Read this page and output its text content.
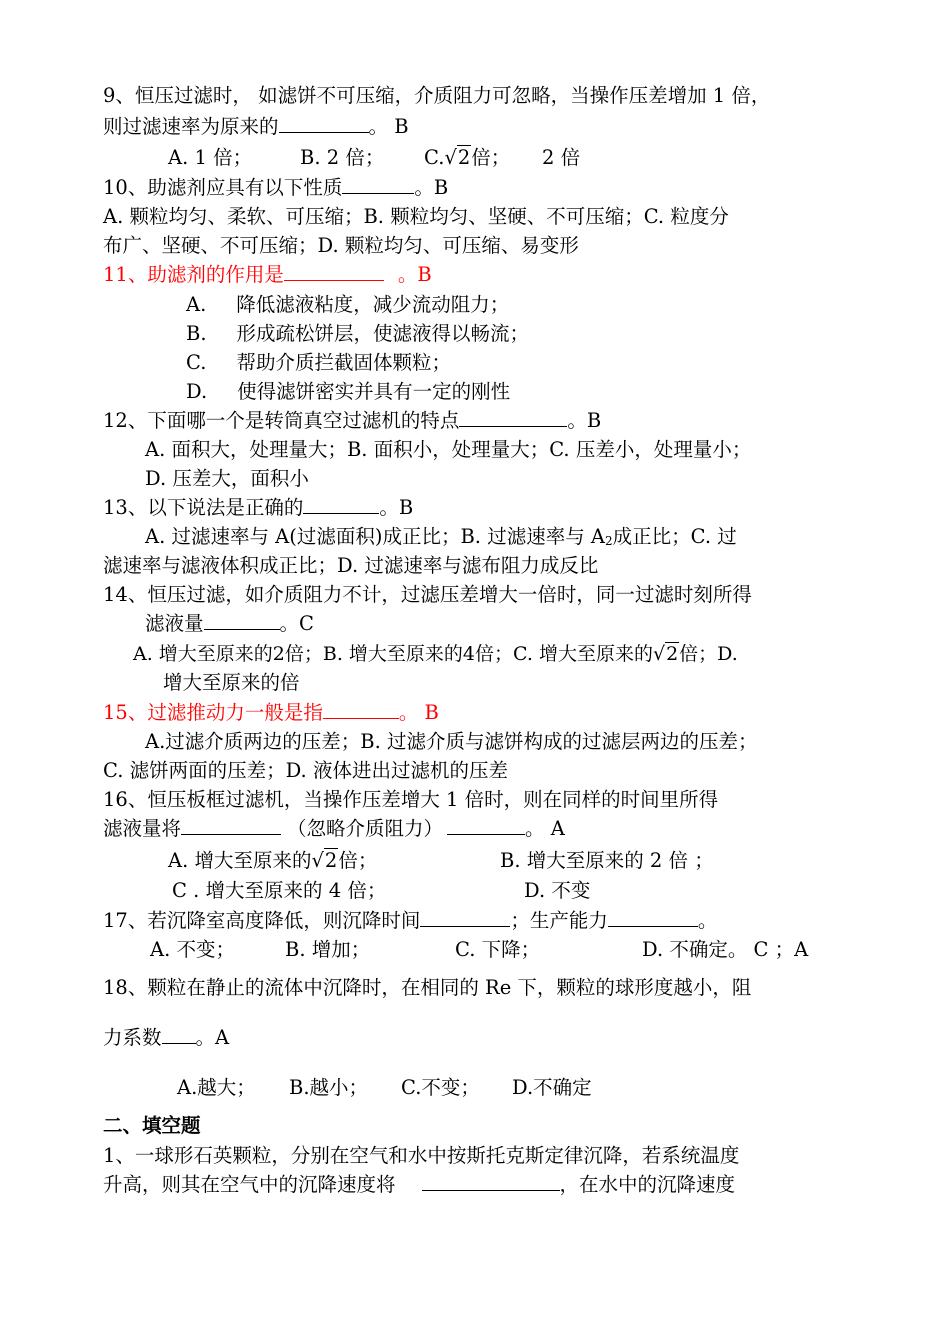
9、恒压过滤时， 如滤饼不可压缩，介质阻力可忽略，当操作压差增加 1 倍，
则过滤速率为原来的	。 B
A. 1 倍； B. 2 倍； C.√2倍； 2 倍
10、助滤剂应具有以下性质	。B
A. 颗粒均匀、柔软、可压缩；B. 颗粒均匀、坚硬、不可压缩；C. 粒度分
布广、坚硬、不可压缩；D. 颗粒均匀、可压缩、易变形
11、助滤剂的作用是	。B
A. 降低滤液粘度，减少流动阻力；
B. 形成疏松饼层，使滤液得以畅流；
C. 帮助介质拦截固体颗粒；
D. 使得滤饼密实并具有一定的刚性
12、下面哪一个是转筒真空过滤机的特点	。B
A. 面积大，处理量大；B. 面积小，处理量大；C. 压差小，处理量小；
D. 压差大，面积小
13、以下说法是正确的	。B
A. 过滤速率与 A(过滤面积)成正比；B. 过滤速率与 A2成正比；C. 过
滤速率与滤液体积成正比；D. 过滤速率与滤布阻力成反比
14、恒压过滤，如介质阻力不计，过滤压差增大一倍时，同一过滤时刻所得
滤液量	。C
A. 增大至原来的2倍；B. 增大至原来的4倍；C. 增大至原来的√2倍；D.
增大至原来的倍
15、过滤推动力一般是指	。 B
A.过滤介质两边的压差；B. 过滤介质与滤饼构成的过滤层两边的压差；
C. 滤饼两面的压差；D. 液体进出过滤机的压差
16、恒压板框过滤机，当操作压差增大 1 倍时，则在同样的时间里所得
滤液量将	（忽略介质阻力）	。 A
A. 增大至原来的√2倍；	B. 增大至原来的 2 倍 ；
C . 增大至原来的 4 倍；	D. 不变
17、若沉降室高度降低，则沉降时间	；生产能力	。
A. 不变；	B. 增加；	C. 下降；	D. 不确定。 C ；A
18、颗粒在静止的流体中沉降时，在相同的 Re 下，颗粒的球形度越小，阻
力系数 。A
A.越大； B.越小； C.不变； D.不确定
二、填空题
1、一球形石英颗粒，分别在空气和水中按斯托克斯定律沉降，若系统温度
升高，则其在空气中的沉降速度将	，在水中的沉降速度
